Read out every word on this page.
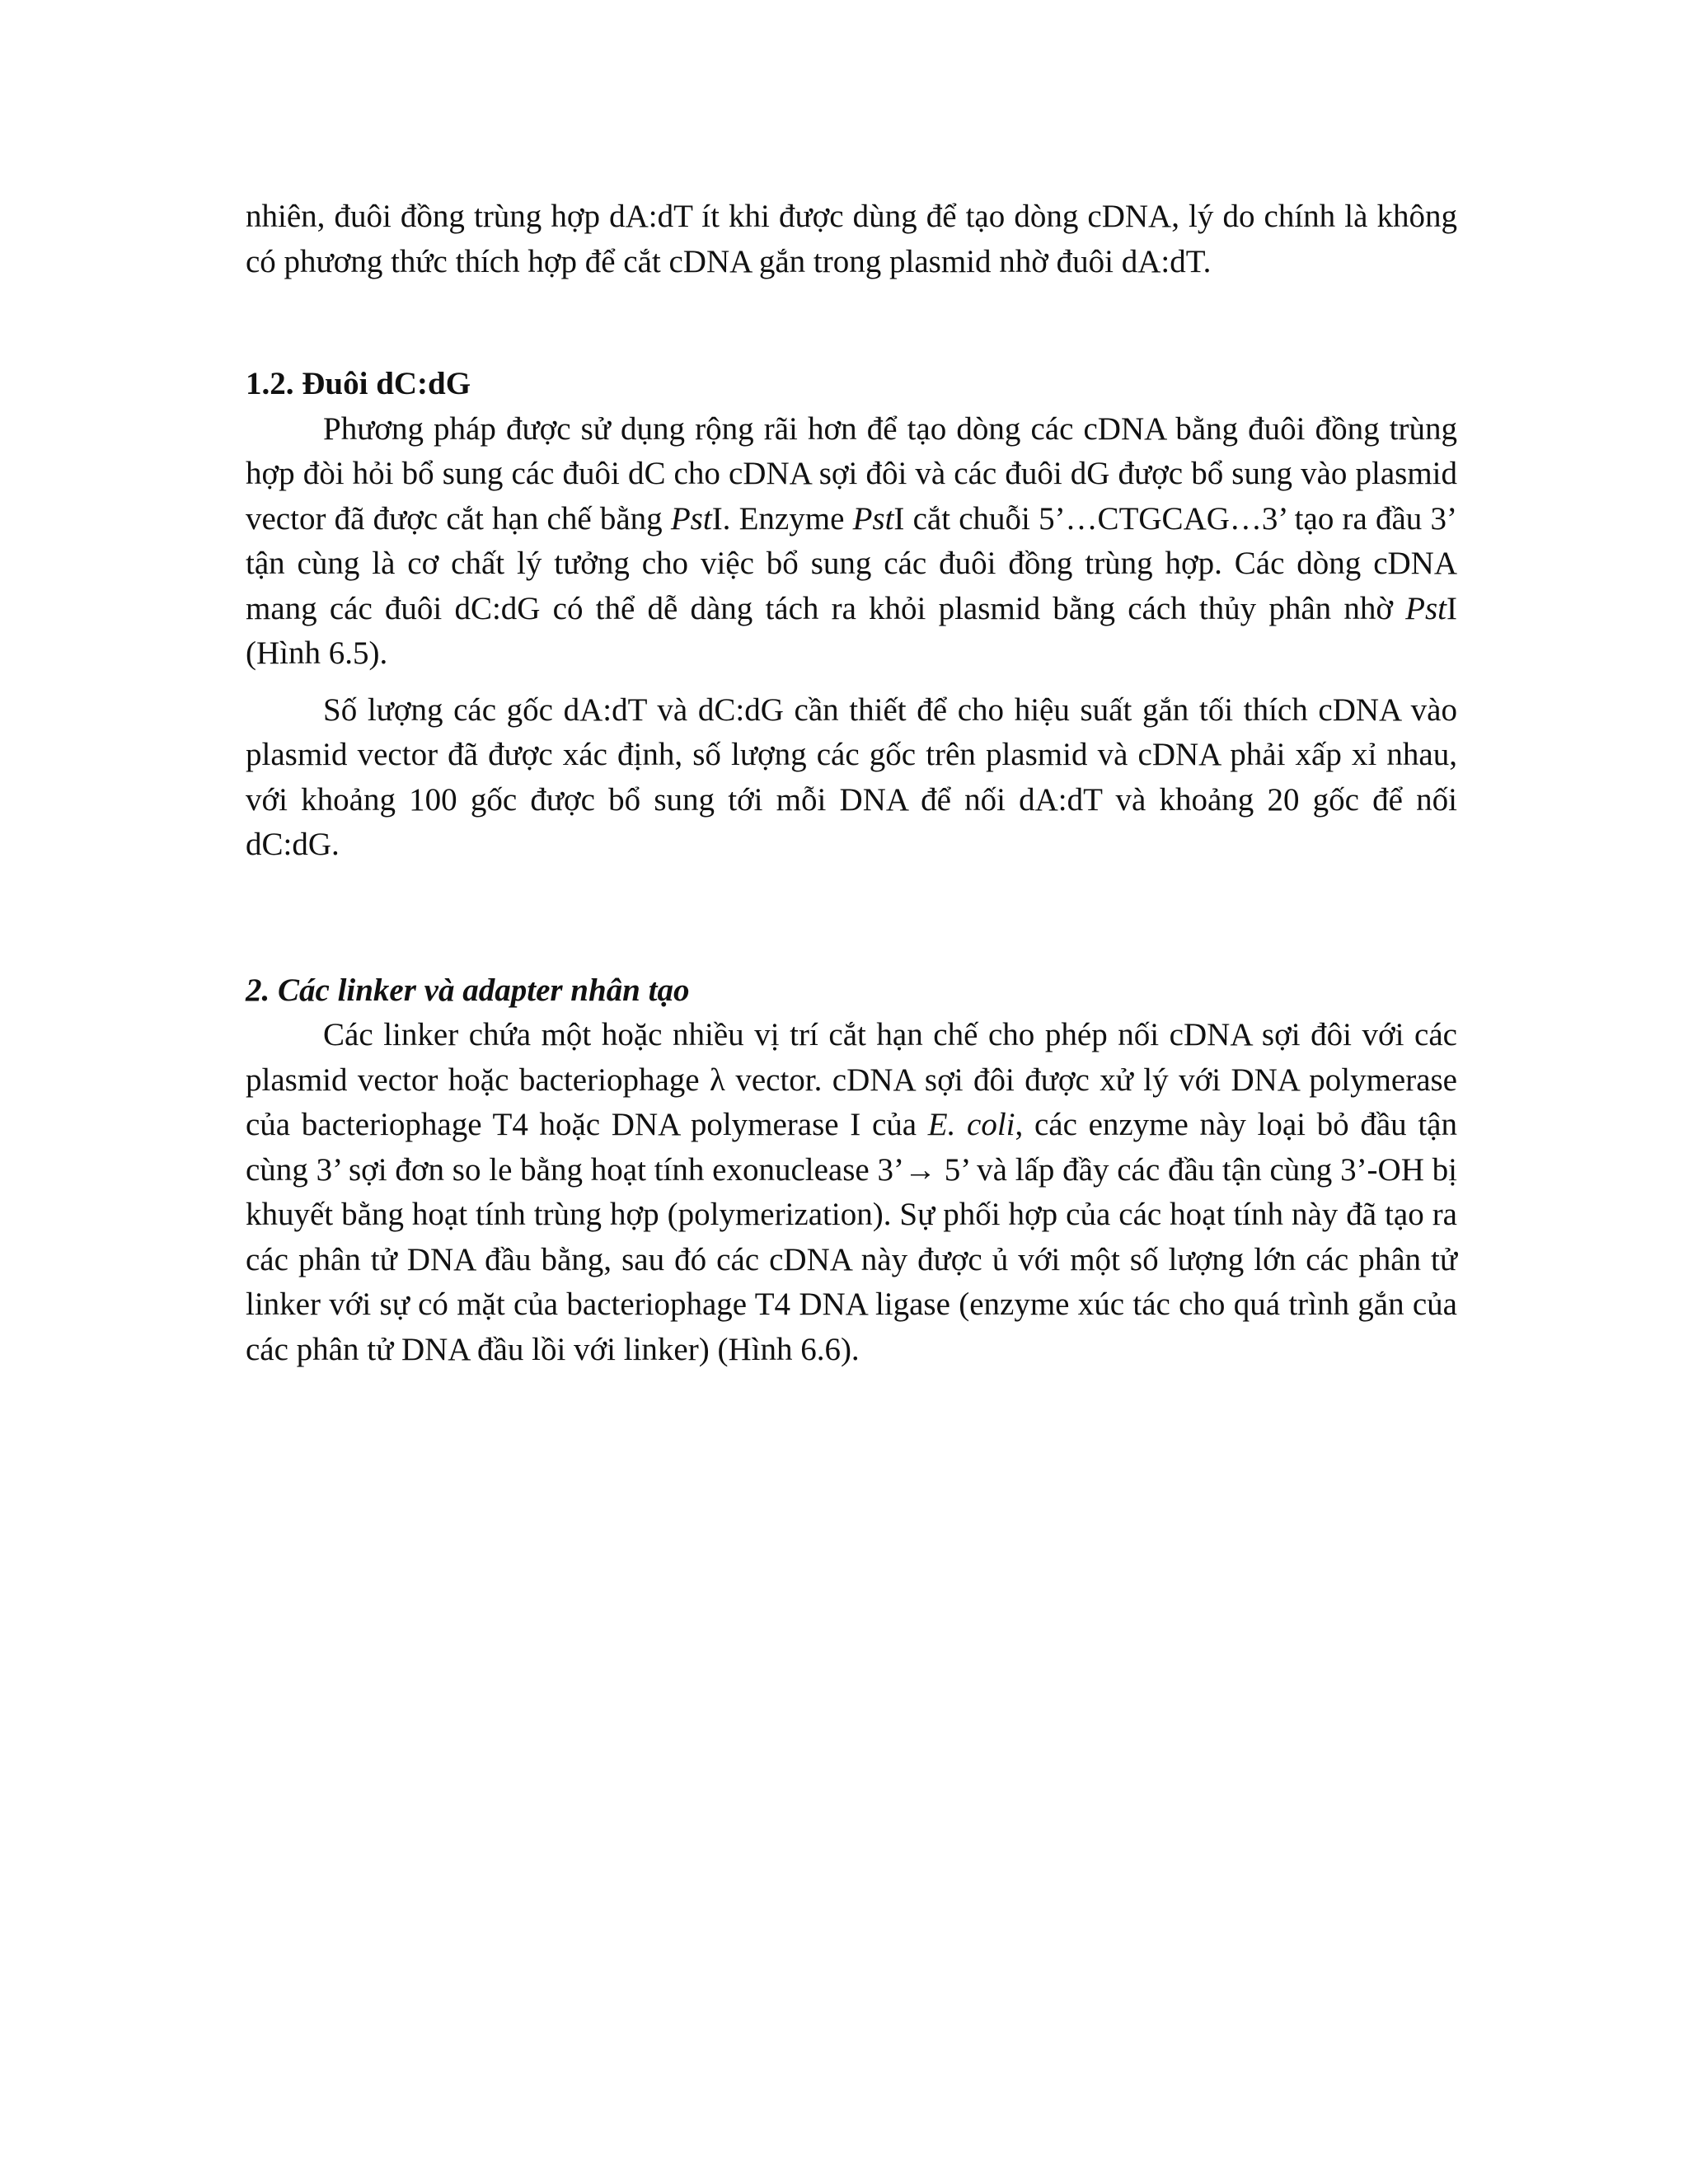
nhiên, đuôi đồng trùng hợp dA:dT ít khi được dùng để tạo dòng cDNA, lý do chính là không có phương thức thích hợp để cắt cDNA gắn trong plasmid nhờ đuôi dA:dT.

1.2. Đuôi dC:dG

Phương pháp được sử dụng rộng rãi hơn để tạo dòng các cDNA bằng đuôi đồng trùng hợp đòi hỏi bổ sung các đuôi dC cho cDNA sợi đôi và các đuôi dG được bổ sung vào plasmid vector đã được cắt hạn chế bằng PstI. Enzyme PstI cắt chuỗi 5’…CTGCAG…3’ tạo ra đầu 3’ tận cùng là cơ chất lý tưởng cho việc bổ sung các đuôi đồng trùng hợp. Các dòng cDNA mang các đuôi dC:dG có thể dễ dàng tách ra khỏi plasmid bằng cách thủy phân nhờ PstI (Hình 6.5).

Số lượng các gốc dA:dT và dC:dG cần thiết để cho hiệu suất gắn tối thích cDNA vào plasmid vector đã được xác định, số lượng các gốc trên plasmid và cDNA phải xấp xỉ nhau, với khoảng 100 gốc được bổ sung tới mỗi DNA để nối dA:dT và khoảng 20 gốc để nối dC:dG.

2. Các linker và adapter nhân tạo

Các linker chứa một hoặc nhiều vị trí cắt hạn chế cho phép nối cDNA sợi đôi với các plasmid vector hoặc bacteriophage λ vector. cDNA sợi đôi được xử lý với DNA polymerase của bacteriophage T4 hoặc DNA polymerase I của E. coli, các enzyme này loại bỏ đầu tận cùng 3’ sợi đơn so le bằng hoạt tính exonuclease 3’→ 5’ và lấp đầy các đầu tận cùng 3’-OH bị khuyết bằng hoạt tính trùng hợp (polymerization). Sự phối hợp của các hoạt tính này đã tạo ra các phân tử DNA đầu bằng, sau đó các cDNA này được ủ với một số lượng lớn các phân tử linker với sự có mặt của bacteriophage T4 DNA ligase (enzyme xúc tác cho quá trình gắn của các phân tử DNA đầu lồi với linker) (Hình 6.6).
